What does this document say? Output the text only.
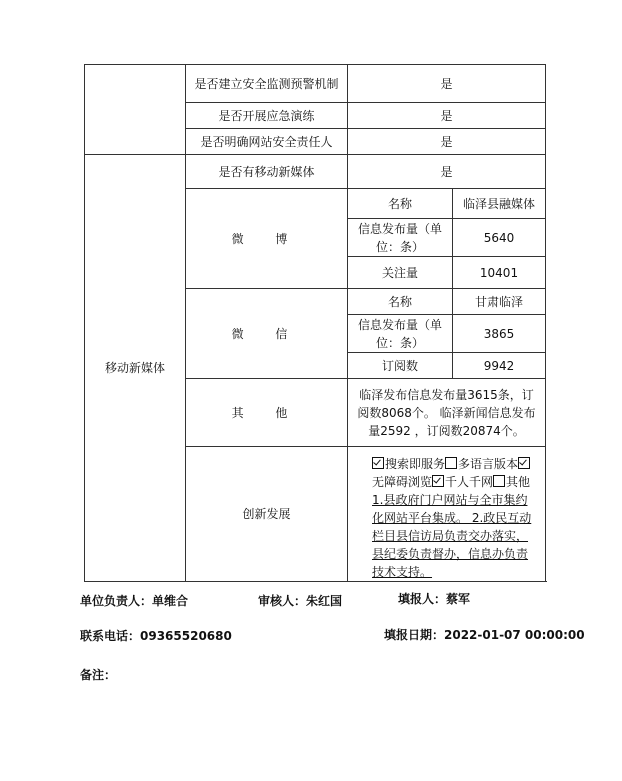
	是否建立安全监测预警机制	是	
	是否开展应急演练	是	
	是否明确网站安全责任人	是	
移动新媒体	是否有移动新媒体	是	
	微 博	名称	临泽县融媒体
		信息发布量（单位：条）	5640
		关注量	10401
	微 信	名称	甘肃临泽
		信息发布量（单位：条）	3865
		订阅数	9942
	其 他	临泽发布信息发布量3615条，订阅数8068个。 临泽新闻信息发布量2592 ，订阅数20874个。	
	创新发展	搜索即服务 多语言版本无障碍浏览 千人千网 其他
1.县政府门户网站与全市集约化网站平台集成。 2.政民互动栏目县信访局负责交办落实，县纪委负责督办，信息办负责技术支持。	
单位负责人：单维合	审核人：朱红国	填报人：蔡军
联系电话：09365520680	填报日期：2022-01-07 00:00:00
备注：
